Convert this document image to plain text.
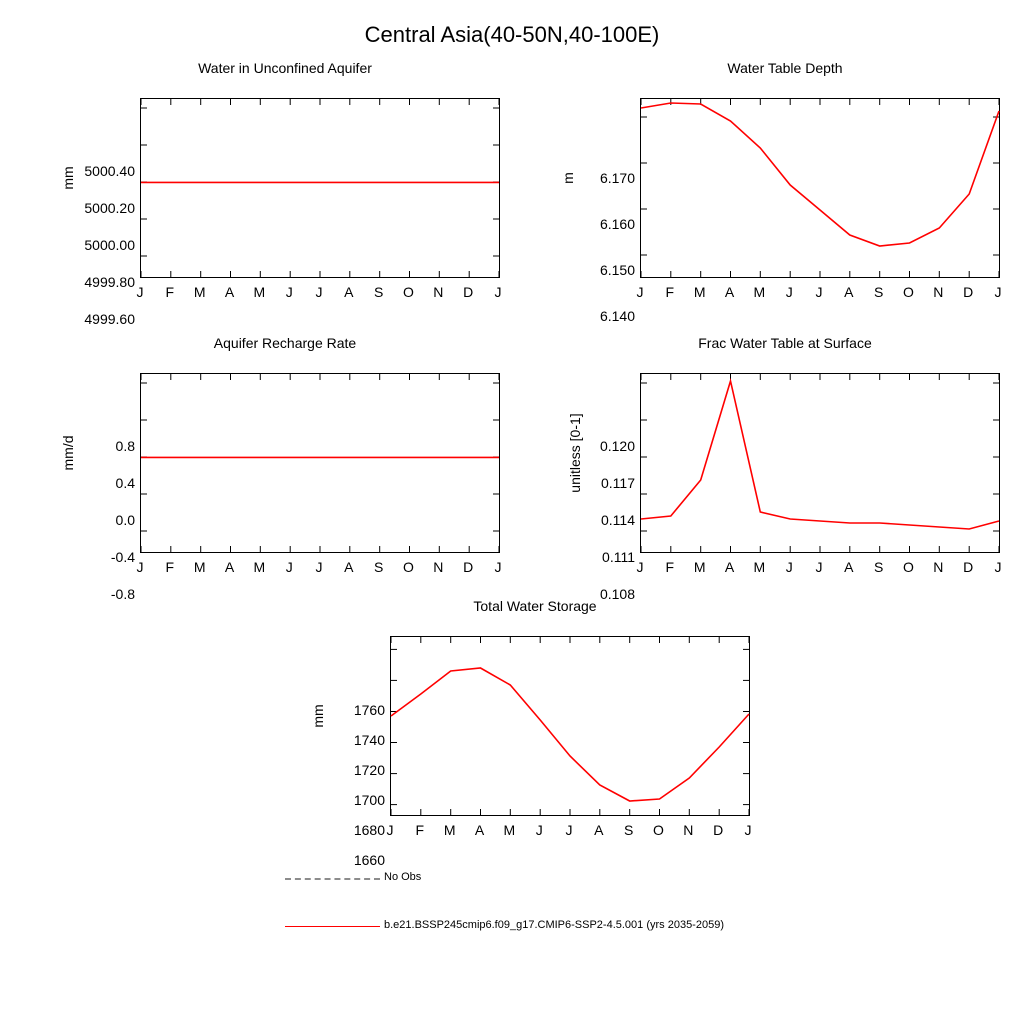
Central Asia(40-50N,40-100E)
Water in Unconfined Aquifer
mm 5000.40
5000.20
5000.00
4999.80
4999.60
J	F	M	A	M	J	J	A	S	O	N	D	J
Water Table Depth
m	6.170
6.160
6.150
6.140
J	F	M	A	M	J	J	A	S	O	N	D	J
Aquifer Recharge Rate
mm/d	0.8
0.4
0.0
-0.4
-0.8
J	F	M	A	M	J	J	A	S	O	N	D	J
Frac Water Table at Surface
unitless [0-1]	0.120
0.117
0.114
0.111
0.108
J	F	M	A	M	J	J	A	S	O	N	D	J
Total Water Storage
mm	1760
1740
1720
1700
1680
1660
J	F	M	A	M	J	J	A	S	O	N	D	J
No Obs
b.e21.BSSP245cmip6.f09_g17.CMIP6-SSP2-4.5.001 (yrs 2035-2059)
